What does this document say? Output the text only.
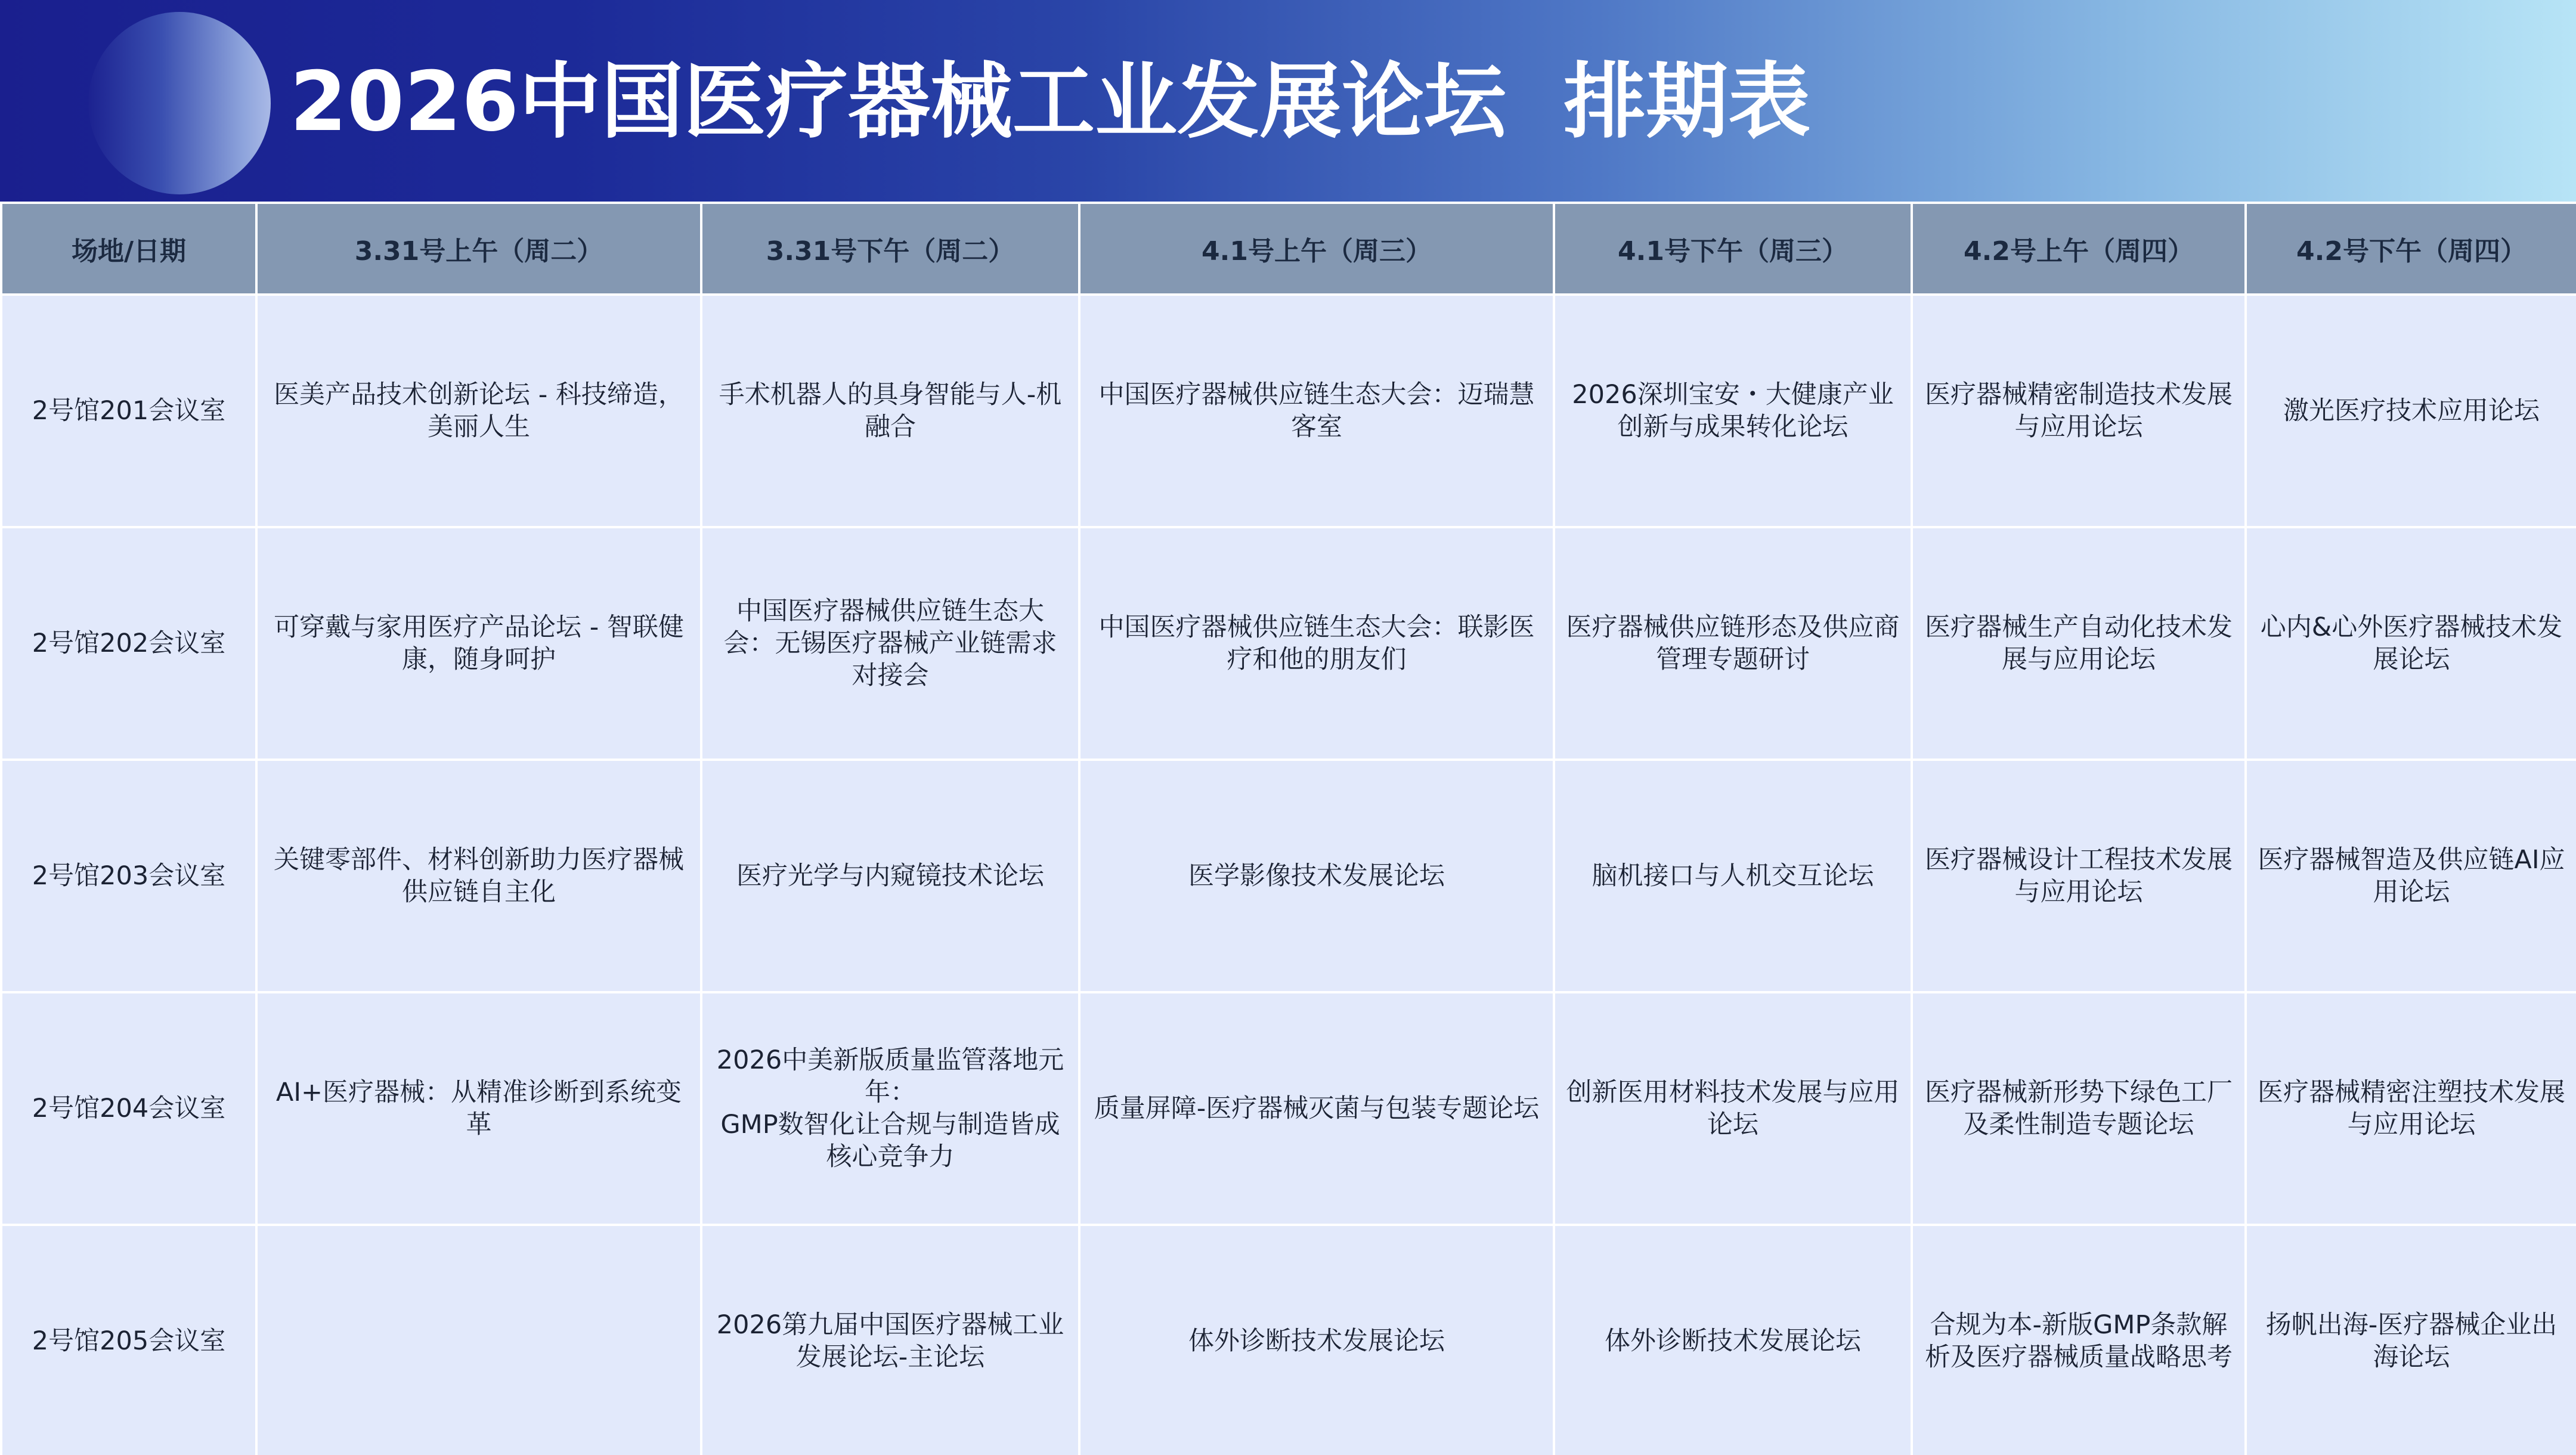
2026中国医疗器械工业发展论坛  排期表
场地/日期	3.31号上午（周二）	3.31号下午（周二）	4.1号上午（周三）	4.1号下午（周三）	4.2号上午（周四）	4.2号下午（周四）
2号馆201会议室	医美产品技术创新论坛 - 科技缔造，美丽人生	手术机器人的具身智能与人-机融合	中国医疗器械供应链生态大会：迈瑞慧客室	2026深圳宝安・大健康产业创新与成果转化论坛	医疗器械精密制造技术发展与应用论坛	激光医疗技术应用论坛
2号馆202会议室	可穿戴与家用医疗产品论坛 - 智联健康，随身呵护	中国医疗器械供应链生态大会：无锡医疗器械产业链需求对接会	中国医疗器械供应链生态大会：联影医疗和他的朋友们	医疗器械供应链形态及供应商管理专题研讨	医疗器械生产自动化技术发展与应用论坛	心内&心外医疗器械技术发展论坛
2号馆203会议室	关键零部件、材料创新助力医疗器械供应链自主化	医疗光学与内窥镜技术论坛	医学影像技术发展论坛	脑机接口与人机交互论坛	医疗器械设计工程技术发展与应用论坛	医疗器械智造及供应链AI应用论坛
2号馆204会议室	AI+医疗器械：从精准诊断到系统变革	2026中美新版质量监管落地元年：
GMP数智化让合规与制造皆成核心竞争力	质量屏障-医疗器械灭菌与包装专题论坛	创新医用材料技术发展与应用论坛	医疗器械新形势下绿色工厂及柔性制造专题论坛	医疗器械精密注塑技术发展与应用论坛
2号馆205会议室		2026第九届中国医疗器械工业发展论坛-主论坛	体外诊断技术发展论坛	体外诊断技术发展论坛	合规为本-新版GMP条款解析及医疗器械质量战略思考	扬帆出海-医疗器械企业出海论坛
